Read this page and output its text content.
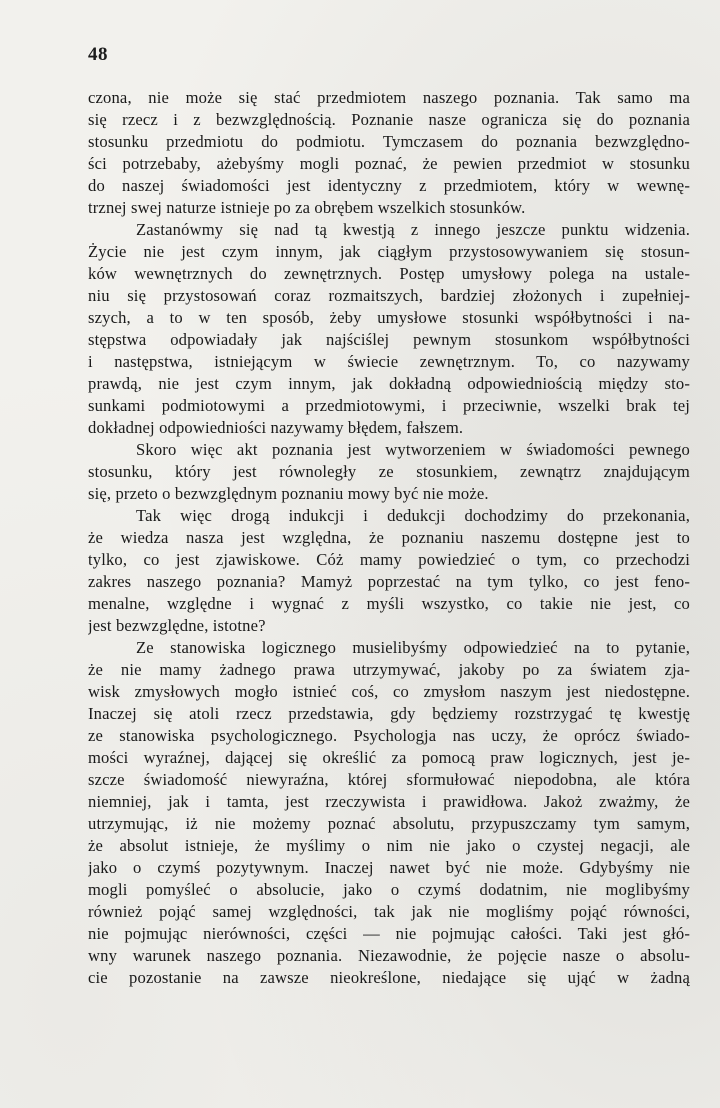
48
czona, nie może się stać przedmiotem naszego poznania. Tak samo ma
się rzecz i z bezwzględnością. Poznanie nasze ogranicza się do poznania
stosunku przedmiotu do podmiotu. Tymczasem do poznania bezwzględno-
ści potrzebaby, ażebyśmy mogli poznać, że pewien przedmiot w stosunku
do naszej świadomości jest identyczny z przedmiotem, który w wewnę-
trznej swej naturze istnieje po za obrębem wszelkich stosunków.
Zastanówmy się nad tą kwestją z innego jeszcze punktu widzenia.
Życie nie jest czym innym, jak ciągłym przystosowywaniem się stosun-
ków wewnętrznych do zewnętrznych. Postęp umysłowy polega na ustale-
niu się przystosowań coraz rozmaitszych, bardziej złożonych i zupełniej-
szych, a to w ten sposób, żeby umysłowe stosunki współbytności i na-
stępstwa odpowiadały jak najściślej pewnym stosunkom współbytności
i następstwa, istniejącym w świecie zewnętrznym. To, co nazywamy
prawdą, nie jest czym innym, jak dokładną odpowiedniością między sto-
sunkami podmiotowymi a przedmiotowymi, i przeciwnie, wszelki brak tej
dokładnej odpowiedniości nazywamy błędem, fałszem.
Skoro więc akt poznania jest wytworzeniem w świadomości pewnego
stosunku, który jest równoległy ze stosunkiem, zewnątrz znajdującym
się, przeto o bezwzględnym poznaniu mowy być nie może.
Tak więc drogą indukcji i dedukcji dochodzimy do przekonania,
że wiedza nasza jest względna, że poznaniu naszemu dostępne jest to
tylko, co jest zjawiskowe. Cóż mamy powiedzieć o tym, co przechodzi
zakres naszego poznania? Mamyż poprzestać na tym tylko, co jest feno-
menalne, względne i wygnać z myśli wszystko, co takie nie jest, co
jest bezwzględne, istotne?
Ze stanowiska logicznego musielibyśmy odpowiedzieć na to pytanie,
że nie mamy żadnego prawa utrzymywać, jakoby po za światem zja-
wisk zmysłowych mogło istnieć coś, co zmysłom naszym jest niedostępne.
Inaczej się atoli rzecz przedstawia, gdy będziemy rozstrzygać tę kwestję
ze stanowiska psychologicznego. Psychologja nas uczy, że oprócz świado-
mości wyraźnej, dającej się określić za pomocą praw logicznych, jest je-
szcze świadomość niewyraźna, której sformułować niepodobna, ale która
niemniej, jak i tamta, jest rzeczywista i prawidłowa. Jakoż zważmy, że
utrzymując, iż nie możemy poznać absolutu, przypuszczamy tym samym,
że absolut istnieje, że myślimy o nim nie jako o czystej negacji, ale
jako o czymś pozytywnym. Inaczej nawet być nie może. Gdybyśmy nie
mogli pomyśleć o absolucie, jako o czymś dodatnim, nie moglibyśmy
również pojąć samej względności, tak jak nie mogliśmy pojąć równości,
nie pojmując nierówności, części — nie pojmując całości. Taki jest głó-
wny warunek naszego poznania. Niezawodnie, że pojęcie nasze o absolu-
cie pozostanie na zawsze nieokreślone, niedające się ująć w żadną
